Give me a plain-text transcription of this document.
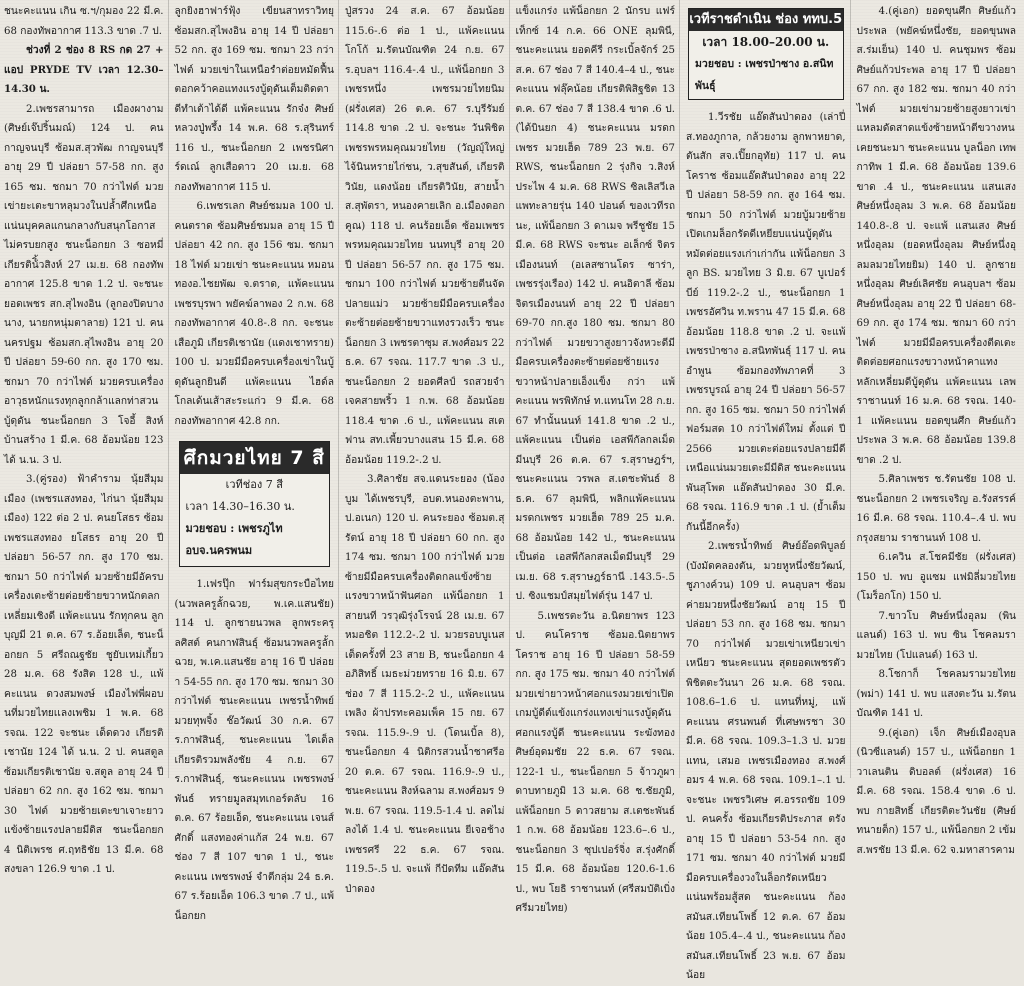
ชนะคะแนน เกิน ซ.ฯ/กุมอง 22 มี.ค. 68 กองทัพอากาศ 113.3 ขาด .7 ป.

ช่วงที่ 2 ช่อง 8 RS กด 27 + แอป PRYDE TV เวลา 12.30–14.30 น.

2.เพชรสามารถ เมืองผางาม (ศิษย์เจ๊ปริ้นมณ์) 124 ป. คนกาญจนบุรี ซ้อมส.สุวพัฒ กาญจนบุรี อายุ 29 ปี ปล่อยา 57-58 กก. สูง 165 ซม. ชกมา 70 กว่าไฟต์ มวยเข่ายะเตะขาหลุมวงในปล้ำศึกเหนือแน่นบุคคลแกนกลางกับสนุกโอกาสไม่ครบยกสูง ชนะน็อกยก 3 ซอหมี่ เกียรติน้ิ้วสิงห์ 27 เม.ย. 68 กองทัพอากาศ 125.8 ขาด 1.2 ป. จะชนะ ยอดเพชร สก.สุไพงอิน (ลูกองปิดบางนาง, นายกหนุ่มตาลาย) 121 ป. คน นครปฐม ซ้อมสก.สุไพงอิน อายุ 20 ปี ปล่อยา 59-60 กก. สูง 170 ซม. ชกมา 70 กว่าไฟต์ มวยครบเครื่องอาวุธหนักแรงทุกลูกกล้าแลกท่าสวนบู้ดุดัน ชนะน็อกยก 3 โจอี้ สิงห์บ้านสร้าง 1 มี.ค. 68 อ้อมน้อย 123 ได้ น.น. 3 ป.

3.(คู่รอง) ฟ้าคำราม นุ้ยสีมุมเมือง (เพชรแสงทอง, ไก่นา นุ้ยสีมุมเมือง) 122 ต่อ 2 ป. คนยโสธร ซ้อมเพชรแสงทอง ยโสธร อายุ 20 ปี ปล่อยา 56-57 กก. สูง 170 ซม. ชกมา 50 กว่าไฟต์ มวยซ้ายมีอัครบเครื่องเตะซ้ายต่อยซ้ายขวาหนักตลกเหลี่ยมเชิงดี แพ้คะแนน รักทุกคน ลูกบุญมี 21 ต.ค. 67 ร.อ้อยเล็ต, ชนะน็อกยก 5 ศรีถณฐชัย ชูยับเหม่เกี้ยว 28 ม.ค. 68 รังสิต 128 ป., แพ้คะแนน ดวงสมพงษ์ เมืองไฟพี่ผอบนที่มวยไทยเเลงเพชิม 1 พ.ค. 68 รจณ. 122 จะชนะ เด็ดดวง เกียรติเชานัย 124 ได้ น.น. 2 ป. คนสตูล ซ้อมเกียรติเชานัย จ.สตูล อายุ 24 ปี ปล่อยา 62 กก. สูง 162 ซม. ชกมา 30 ไฟต์ มวยซ้ายเตะขาเจาะยาวแข้งซ้ายแรงปลายมีดิส ชนะน็อกยก 4 นิติเพรช ศ.ฤทธิชัย 13 มี.ค. 68 สงขลา 126.9 ขาด .1 ป.

ลูกยิงฮาฟาร์ฟุ้ง เขียนสาทราวิทยุ ซ้อมสก.สุไพงอิน อายุ 14 ปี ปล่อยา 52 กก. สูง 169 ซม. ชกมา 23 กว่าไฟต์ มวยเข่าในเหนือรำต่อยหมัดฟื้นตอกคว้าคอแทงแรงบู้ดุดันเต็มติดตา ดีทำเต้าได้ดี แพ้คะแนน รักจ๋ง ศิษย์หลวงปู่พรึ้ง 14 พ.ค. 68 ร.สุรินทร์ 116 ป., ชนะน็อกยก 2 เพชรนิศาร์ดเณ์ ลูกเสือดาว 20 เม.ย. 68 กองทัพอากาศ 115 ป.

6.เพชรเลก ศิษย์ชมมล 100 ป. คนตราด ซ้อมศิษย์ชมมล อายุ 15 ปี ปล่อยา 42 กก. สูง 156 ซม. ชกมา 18 ไฟต์ มวยเข่า ชนะคะแนน หมอนทองอ.ไชยพัฒ จ.ตราด, แพ้คะแนน เพชรบุรพา พยัคฆ์ลาพอง 2 ก.พ. 68 กองทัพอากาศ 40.8-.8 กก. จะชนะ เสือภูมิ เกียรติเชานัย (แดงเชาทราย) 100 ป. มวยมีมือครบเครื่องเข่าในบู้ดุดันลูกยินดี แพ้คะแนน ไฮด์ล โกลเด้นเส้าสะระแก่ว 9 มี.ค. 68 กองทัพอากาศ 42.8 กก.

ศึกมวยไทย 7 สี
เวทีช่อง 7 สี
เวลา 14.30–16.30 น.
มวยชอบ : เพชรภูไท อบจ.นครพนม

1.เฟรปุ๊ก ฟาร์มสุขกระบือไทย (นวพลครูลั้กฉวย, พ.เค.แสนชัย) 114 ป. ลูกชายนวพล ลูกพระครุลศิสต์ คนกาฬสินธุ์ ซ้อมนวพลครูลั้กฉวย, พ.เค.แสนชัย อายุ 16 ปี ปล่อยา 54-55 กก. สูง 170 ซม. ชกมา 30 กว่าไฟต์ ชนะคะแนน เพชรน้ำทิพย์ มวยทุพจิ้ง ช๊อวัฒน์ 30 ก.ค. 67 ร.กาฬสินธุ์, ชนะคะแนน ไดเด็ล เกียรติรวมพลังชัย 4 ก.ย. 67 ร.กาฬสินธุ์, ชนะคะแนน เพชรพงษ์พันธ์ ทรายมูลสมุทเกอร์ตลับ 16 ต.ค. 67 ร้อยเอ็ด, ชนะคะแนน เจนส์ศักดิ์ แสงทองค่าแก้ส 24 พ.ย. 67 ช่อง 7 สี 107 ขาด 1 ป., ชนะคะแนน เพชรพงษ์ จำตีกลุ่ม 24 ธ.ค. 67 ร.ร้อยเอ็ด 106.3 ขาด .7 ป., แพ้น็อกยก

ปู่สรวง 24 ส.ค. 67 อ้อมน้อย 115.6-.6 ต่อ 1 ป., แพ้คะแนน โกโก้ ม.รัตนบัณฑิต 24 ก.ย. 67 ร.อุบลฯ 116.4-.4 ป., แพ้น็อกยก 3 เพชรหนึ่ง เพชรมวยไทยนิม (ฝรั่งเศส) 26 ต.ค. 67 ร.บุรีรัมย์ 114.8 ขาด .2 ป. จะชนะ วันพิชิต เพชรพรหมคุณมวยไทย (วัญญุ์ใหญ่ ไจ้นินหรายไก่ชน, ว.สุขสันต์, เกียรติวินัย, แดงน้อย เกียรติวินัย, สายน้ำ ส.สุพัตรา, หนองคายเลิก อ.เมืองดอกคูณ) 118 ป. คนร้อยเอ็ด ซ้อมเพชรพรหมคุณมวยไทย นนทบุรี อายุ 20 ปี ปล่อยา 56-57 กก. สูง 175 ซม. ชกมา 100 กว่าไฟต์ มวยซ้ายตีนจัดปลายแม่ว มวยซ้ายมีมือครบเครื่องตะซ้ายต่อยซ้ายขวาแทงรวงเร็ว ชนะน็อกยก 3 เพชรตาซุม ส.พงศ์อมร 22 ธ.ค. 67 รจณ. 117.7 ขาด .3 ป., ชนะน็อกยก 2 ยอดศีลป์ รถสวยจำเจคสายพริ้ว 1 ก.พ. 68 อ้อมน้อย 118.4 ขาด .6 ป., แพ้คะแนน สเตฟาน สท.เพี้ยวบางแสน 15 มี.ค. 68 อ้อมน้อย 119.2-.2 ป.

3.ศิลาชัย สจ.แดนระยอง (น้องบูม ได้เพชรบุรี, อบต.หนองตะพาน, ป.อเนก) 120 ป. คนระยอง ซ้อมต.สุรัตน์ อายุ 18 ปี ปล่อยา 60 กก. สูง 174 ซม. ชกมา 100 กว่าไฟต์ มวยซ้ายมีมือครบเครื่องติดกลแข้งซ้ายแรงขวาหน้าฟันศอก แพ้น็อกยก 1 สายนที วรวุฒิรุ่งโรจน์ 28 เม.ย. 67 หมอชิต 112.2-.2 ป. มวยรอบบูเนสเต็ดครั้งที่ 23 สาย B, ชนะน็อกยก 4 อภิสิทธิ์ เมธะม่วยทราย 16 มิ.ย. 67 ช่อง 7 สี 115.2-.2 ป., แพ้คะแนน เพลิง ผ้าปรทะคอมเพ็ค 15 กย. 67 รจณ. 115.9-.9 ป. (โดนเบิ้ล 8), ชนะน็อกยก 4 นิติกรสวนน้ำชาศรีอ 20 ต.ค. 67 รจณ. 116.9-.9 ป., ชนะคะแนน สิงห์ฉลาม ส.พงศ์อมร 9 พ.ย. 67 รจณ. 119.5-1.4 ป. ลดไม่ลงได้ 1.4 ป. ชนะคะแนน ยีเจอช้างเพชรศรี 22 ธ.ค. 67 รจณ. 119.5-.5 ป. จะแพ้ กีปัดทีม แอ๊ดสันป่าดอง

แข็งแกร่ง แพ้น็อกยก 2 นักรบ แฟร์เท็กซ์ 14 ก.ค. 66 ONE ลุมพินี, ชนะคะแนน ยอดคีรี กระเบิ้ลจักร์ 25 ส.ค. 67 ช่อง 7 สี 140.4–4 ป., ชนะคะแนน ฟลุ๊คน้อย เกียรติพิสิฐชิต 13 ต.ค. 67 ช่อง 7 สี 138.4 ขาด .6 ป. (ได้บินยก 4) ชนะคะแนน มรดกเพชร มวยเฮ็ด 789 23 พ.ย. 67 RWS, ชนะน็อกยก 2 รุ่งกิจ ว.สิงห์ประไพ 4 ม.ค. 68 RWS ซิลเลิสวีเลแพทะลายรุ่น 140 ปอนด์ ของเวทีรถนะ, แพ้น็อกยก 3 ดาเมจ พรีชูชัย 15 มี.ค. 68 RWS จะชนะ อเล็กซ์ จิตรเมืองนนท์ (อเลสซานโดร ซาร่า, เพชรรุ่งเรือง) 142 ป. คนอิตาลี ซ้อมจิตรเมืองนนท์ อายุ 22 ปี ปล่อยา 69-70 กก.สูง 180 ซม. ชกมา 80 กว่าไฟต์ มวยขวาสูงยาวจังหวะดีมีมือครบเครื่องตะซ้ายต่อยซ้ายแรงขวาหน้าปลายเอ็งแข็ง กว่า แพ้คะแนน พรพิทักษ์ ท.แทนโท 28 ก.ย. 67 ทำนั้นนนท์ 141.8 ขาด .2 ป., แพ้คะแนน เป็นต่อ เอสพีกัลกลเม็ด มีนบุรี 26 ต.ค. 67 ร.สุราษฎร์ฯ, ชนะคะแนน วรพล ส.เตชะพันธ์ 8 ธ.ค. 67 ลุมพินี, พลิกแพ้คะแนน มรดกเพชร มวยเฮ็ด 789 25 ม.ค. 68 อ้อมน้อย 142 ป., ชนะคะแนน เป็นต่อ เอสพีกัลกสลเม็ดมีนบุรี 29 เม.ย. 68 ร.สุราษฎร์ธานี .143.5-.5 ป. ซิงแชมป์สมุยไฟต์รุ่น 147 ป.

5.เพชรตะวัน อ.นิตยาพร 123 ป. คนโคราช ซ้อมอ.นิตยาพร โคราช อายุ 16 ปี ปล่อยา 58-59 กก. สูง 175 ซม. ชกมา 40 กว่าไฟต์ มวยเข่ายาวหน้าศอกแรงมวยเข่าเปิดเกมบู้ดีต์แข้งแกร่งแทงเข่าแรงบู้ดุดันศอกแรงบู้ดี ชนะคะแนน ระฆังทอง ศิษย์อุดมชัย 22 ธ.ค. 67 รจณ. 122-1 ป., ชนะน็อกยก 5 จ้าวภูผาดาบทายภูมิ 13 ม.ค. 68 ช.ชัยภูมิ, แพ้น็อกยก 5 ดาวสยาม ส.เตชะพันธ์ 1 ก.พ. 68 อ้อมน้อย 123.6–.6 ป., ชนะน็อกยก 3 ซุปเปอร์จิ่ง ส.รุ่งศักดิ์ 15 มี.ค. 68 อ้อมน้อย 120.6-1.6 ป., พบ โยธิ ราชานนท์ (ศรีสมบัติเบิ่งศรีมวยไทย)

เวทีราชดำเนิน ช่อง ททบ.5
เวลา 18.00–20.00 น.
มวยชอบ : เพชรป่าซาง อ.สนิทพันธุ์

1.วีรชัย แอ๊ดสันป่าดอง (เล่าปี่ ส.ทองภูกาล, กล้วยงาม ลูกพาหยาด, ตันสัก สจ.เปิ๊ยกอุทัย) 117 ป. คนโคราช ซ้อมแอ๊ดสันป่าดอง อายุ 22 ปี ปล่อยา 58-59 กก. สูง 164 ซม. ชกมา 50 กว่าไฟต์ มวยบู้มวยซ้ายเปิดเกมล็อกรัดดีเหยียบแน่นบู้ดุดันหมัดต่อยแรงเก่าเก่ากัน แพ้น็อกยก 3 ลูก BS. มวยไทย 3 มิ.ย. 67 บูเปอร์บีย์ 119.2-.2 ป., ชนะน็อกยก 1 เพชรอัศวิน ท.พราน 47 15 มี.ค. 68 อ้อมน้อย 118.8 ขาด .2 ป. จะแพ้ เพชรป่าซาง อ.สนิทพันธุ์ 117 ป. คนอำพูน ซ้อมกองทัพภาคที่ 3 เพชรบูรณ์ อายุ 24 ปี ปล่อยา 56-57 กก. สูง 165 ซม. ชกมา 50 กว่าไฟต์ ฟอร์มสด 10 กว่าไฟต์ใหม่ ตั้งแต่ ปี 2566 มวยเตะต่อยแรงปลายมีดีเหนือแน่นมวยเตะมีมีดิส ชนะคะแนน พันสุโพด แอ๊ดสันป่าดอง 30 มี.ค. 68 รจณ. 116.9 ขาด .1 ป. (ย้ำเต็มกันนี้อีกครั้ง)

2.เพชรน้ำทิพย์ ศิษย์อ๊อดพิบูลย์ (บังมัดคลองตัน, มวยหูหนึ่งชัยวัฒน์, ชูภางค์วน) 109 ป. คนอุบลฯ ซ้อมค่ายมวยหนึ่งชัยวัฒน์ อายุ 15 ปี ปล่อยา 53 กก. สูง 168 ซม. ชกมา 70 กว่าไฟต์ มวยเข่าเหนียวเข่าเหนียว ชนะคะแนน สุดยอดเพชรตัวพิชิตตะวันนา 26 ม.ค. 68 รจณ. 108.6–1.6 ป. แทนที่หมู่, แพ้คะแนน ศรนพนต์ ที่เศษพรชา 30 มี.ค. 68 รจณ. 109.3–1.3 ป. มวยแทน, เสมอ เพชรเมืองทอง ส.พงศ์อมร 4 พ.ค. 68 รจณ. 109.1–.1 ป. จะชนะ เพชรวิเศษ ศ.อรรถชัย 109 ป. คนครั้ง ซ้อมเกียรติประภาส ตรัง อายุ 15 ปี ปล่อยา 53-54 กก. สูง 171 ซม. ชกมา 40 กว่าไฟต์ มวยมีมือครบเครื่องวงในล็อกรัดเหนียวแน่นพร้อมสู้สด ชนะคะแนน ก้องสมันส.เทียนโพธิ์ 12 ต.ค. 67 อ้อมน้อย 105.4–.4 ป., ชนะคะแนน ก้องสมันส.เทียนโพธิ์ 23 พ.ย. 67 อ้อมน้อย

4.(คู่เอก) ยอดขุนศึก ศิษย์แก้วประพล (พยัคฆ์หนึ่งชัย, ยอดขุนพล ส.ร่มเย็น) 140 ป. คนชุมพร ซ้อมศิษย์แก้วประพล อายุ 17 ปี ปล่อยา 67 กก. สูง 182 ซม. ชกมา 40 กว่าไฟต์ มวยเข่ามวยซ้ายสูงยาวเข่าแหลมดัดสาดแข้งซ้ายหน้าตีขวางหนเคยชนะมา ชนะคะแนน บูลน็อก เทพกาทิพ 1 มี.ค. 68 อ้อมน้อย 139.6 ขาด .4 ป., ชนะคะแนน แสนเสง ศิษย์หนึ่งอุลม 3 พ.ค. 68 อ้อมน้อย 140.8-.8 ป. จะแพ้ แสนเสง ศิษย์หนึ่งอุลม (ยอดหนึ่งอุลม ศิษย์หนึ่งอุลมลมวยไทยยิม) 140 ป. ลูกชายหนึ่งอุลม ศิษย์เลิศชัย คนอุบลฯ ซ้อมศิษย์หนึ่งอุลม อายุ 22 ปี ปล่อยา 68-69 กก. สูง 174 ซม. ชกมา 60 กว่าไฟต์ มวยมีมือครบเครื่องตีดเตะติดต่อยศอกแรงขวางหน้าคาแทงหลักเหลี่ยมดีบู้ดุดัน แพ้คะแนน เลพ ราชานนท์ 16 ม.ค. 68 รจณ. 140-1 แพ้คะแนน ยอดขุนศึก ศิษย์แก้วประพล 3 พ.ค. 68 อ้อมน้อย 139.8 ขาด .2 ป.

5.ศิลาเพชร ช.รัตนชัย 108 ป. ชนะน็อกยก 2 เพชรเจริญ อ.รังสรรค์ 16 มี.ค. 68 รจณ. 110.4–.4 ป. พบ กรุงสยาม ราชานนท์ 108 ป.

6.เควิน ส.โชคมีชัย (ฝรั่งเศส) 150 ป. พบ อูแซม แฟมิลี่มวยไทย (โมร็อกโก) 150 ป.

7.ขาวโบ ศิษย์หนึ่งอุลม (พินแลนด์) 163 ป. พบ ซิน โชคลมรามวยไทย (โปแลนด์) 163 ป.

8.โชกาก็ โชคลมรามวยไทย (พม่า) 141 ป. พบ แสงตะวัน ม.รัตนบัณฑิต 141 ป.

9.(คู่เอก) เจ็ก ศิษย์เมืองอุบล (นิวซีแลนด์) 157 ป., แพ้น็อกยก 1 วาเลนติน ดิบอลต์ (ฝรั่งเศส) 16 มี.ค. 68 รจณ. 158.4 ขาด .6 ป. พบ กายสิทธิ์ เกียรติตะวันชัย (ศิษย์ทนายต็ก) 157 ป., แพ้น็อกยก 2 เข้ม ส.พรชัย 13 มี.ค. 62 จ.มหาสารคาม
